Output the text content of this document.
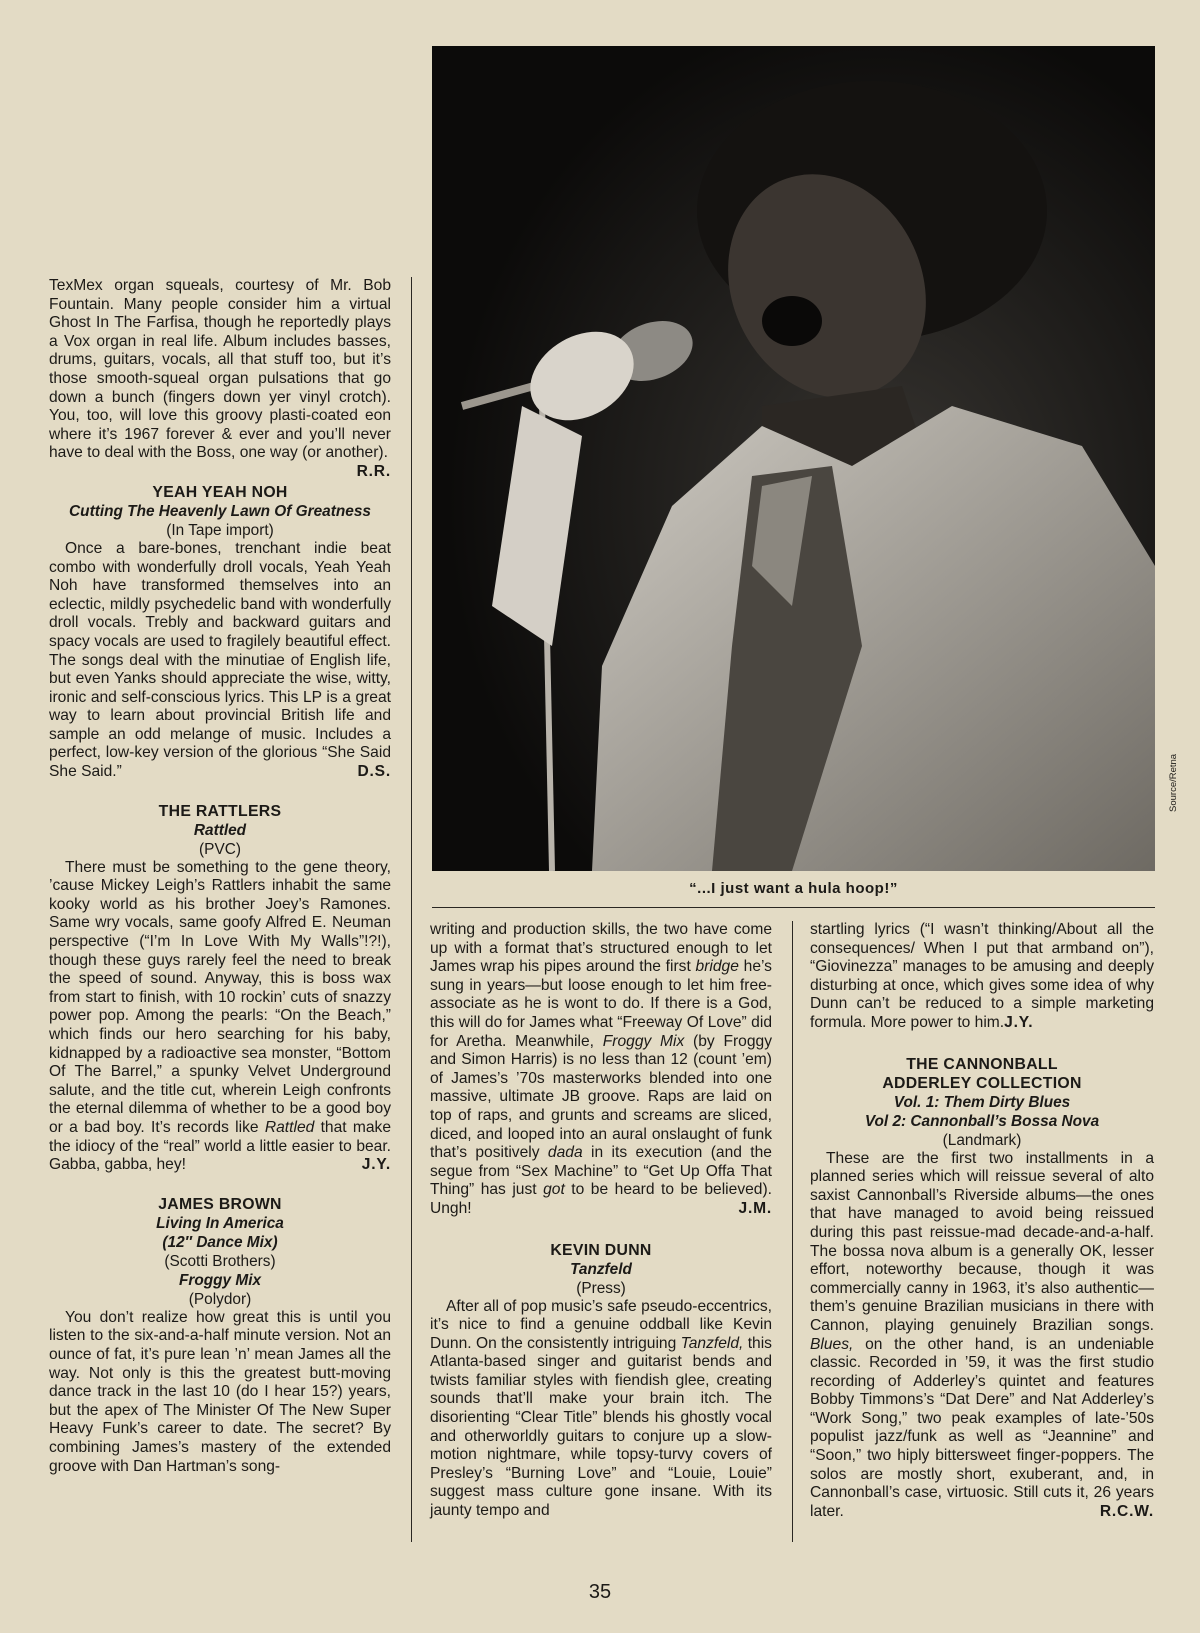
Source/Retna
“...I just want a hula hoop!”

TexMex organ squeals, courtesy of Mr. Bob Fountain. Many people consider him a virtual Ghost In The Farfisa, though he reportedly plays a Vox organ in real life. Album includes basses, drums, guitars, vocals, all that stuff too, but it’s those smooth-squeal organ pulsations that go down a bunch (fingers down yer vinyl crotch). You, too, will love this groovy plasti-coated eon where it’s 1967 forever & ever and you’ll never have to deal with the Boss, one way (or another).
R.R.

YEAH YEAH NOH
Cutting The Heavenly Lawn Of Greatness
(In Tape import)

Once a bare-bones, trenchant indie beat combo with wonderfully droll vocals, Yeah Yeah Noh have transformed themselves into an eclectic, mildly psychedelic band with wonderfully droll vocals. Trebly and backward guitars and spacy vocals are used to fragilely beautiful effect. The songs deal with the minutiae of English life, but even Yanks should appreciate the wise, witty, ironic and self-conscious lyrics. This LP is a great way to learn about provincial British life and sample an odd melange of music. Includes a perfect, low-key version of the glorious “She Said She Said.”	D.S.

THE RATTLERS
Rattled
(PVC)

There must be something to the gene theory, ’cause Mickey Leigh’s Rattlers inhabit the same kooky world as his brother Joey’s Ramones. Same wry vocals, same goofy Alfred E. Neuman perspective (“I’m In Love With My Walls”!?!), though these guys rarely feel the need to break the speed of sound. Anyway, this is boss wax from start to finish, with 10 rockin’ cuts of snazzy power pop. Among the pearls: “On the Beach,” which finds our hero searching for his baby, kidnapped by a radioactive sea monster, “Bottom Of The Barrel,” a spunky Velvet Underground salute, and the title cut, wherein Leigh confronts the eternal dilemma of whether to be a good boy or a bad boy. It’s records like Rattled that make the idiocy of the “real” world a little easier to bear. Gabba, gabba, hey!	J.Y.

JAMES BROWN
Living In America
(12″ Dance Mix)
(Scotti Brothers)
Froggy Mix
(Polydor)

You don’t realize how great this is until you listen to the six-and-a-half minute version. Not an ounce of fat, it’s pure lean ’n’ mean James all the way. Not only is this the greatest butt-moving dance track in the last 10 (do I hear 15?) years, but the apex of The Minister Of The New Super Heavy Funk’s career to date. The secret? By combining James’s mastery of the extended groove with Dan Hartman’s song-

writing and production skills, the two have come up with a format that’s structured enough to let James wrap his pipes around the first bridge he’s sung in years—but loose enough to let him free-associate as he is wont to do. If there is a God, this will do for James what “Freeway Of Love” did for Aretha. Meanwhile, Froggy Mix (by Froggy and Simon Harris) is no less than 12 (count ’em) of James’s ’70s masterworks blended into one massive, ultimate JB groove. Raps are laid on top of raps, and grunts and screams are sliced, diced, and looped into an aural onslaught of funk that’s positively dada in its execution (and the segue from “Sex Machine” to “Get Up Offa That Thing” has just got to be heard to be believed). Ungh!	J.M.

KEVIN DUNN
Tanzfeld
(Press)

After all of pop music’s safe pseudo-eccentrics, it’s nice to find a genuine oddball like Kevin Dunn. On the consistently intriguing Tanzfeld, this Atlanta-based singer and guitarist bends and twists familiar styles with fiendish glee, creating sounds that’ll make your brain itch. The disorienting “Clear Title” blends his ghostly vocal and otherworldly guitars to conjure up a slow-motion nightmare, while topsy-turvy covers of Presley’s “Burning Love” and “Louie, Louie” suggest mass culture gone insane. With its jaunty tempo and

startling lyrics (“I wasn’t thinking/About all the consequences/ When I put that armband on”), “Giovinezza” manages to be amusing and deeply disturbing at once, which gives some idea of why Dunn can’t be reduced to a simple marketing formula. More power to him.J.Y.

THE CANNONBALL
ADDERLEY COLLECTION
Vol. 1: Them Dirty Blues
Vol 2: Cannonball’s Bossa Nova
(Landmark)

These are the first two installments in a planned series which will reissue several of alto saxist Cannonball’s Riverside albums—the ones that have managed to avoid being reissued during this past reissue-mad decade-and-a-half. The bossa nova album is a generally OK, lesser effort, noteworthy because, though it was commercially canny in 1963, it’s also authentic—them’s genuine Brazilian musicians in there with Cannon, playing genuinely Brazilian songs. Blues, on the other hand, is an undeniable classic. Recorded in ’59, it was the first studio recording of Adderley’s quintet and features Bobby Timmons’s “Dat Dere” and Nat Adderley’s “Work Song,” two peak examples of late-’50s populist jazz/funk as well as “Jeannine” and “Soon,” two hiply bittersweet finger-poppers. The solos are mostly short, exuberant, and, in Cannonball’s case, virtuosic. Still cuts it, 26 years later.	R.C.W.

35
